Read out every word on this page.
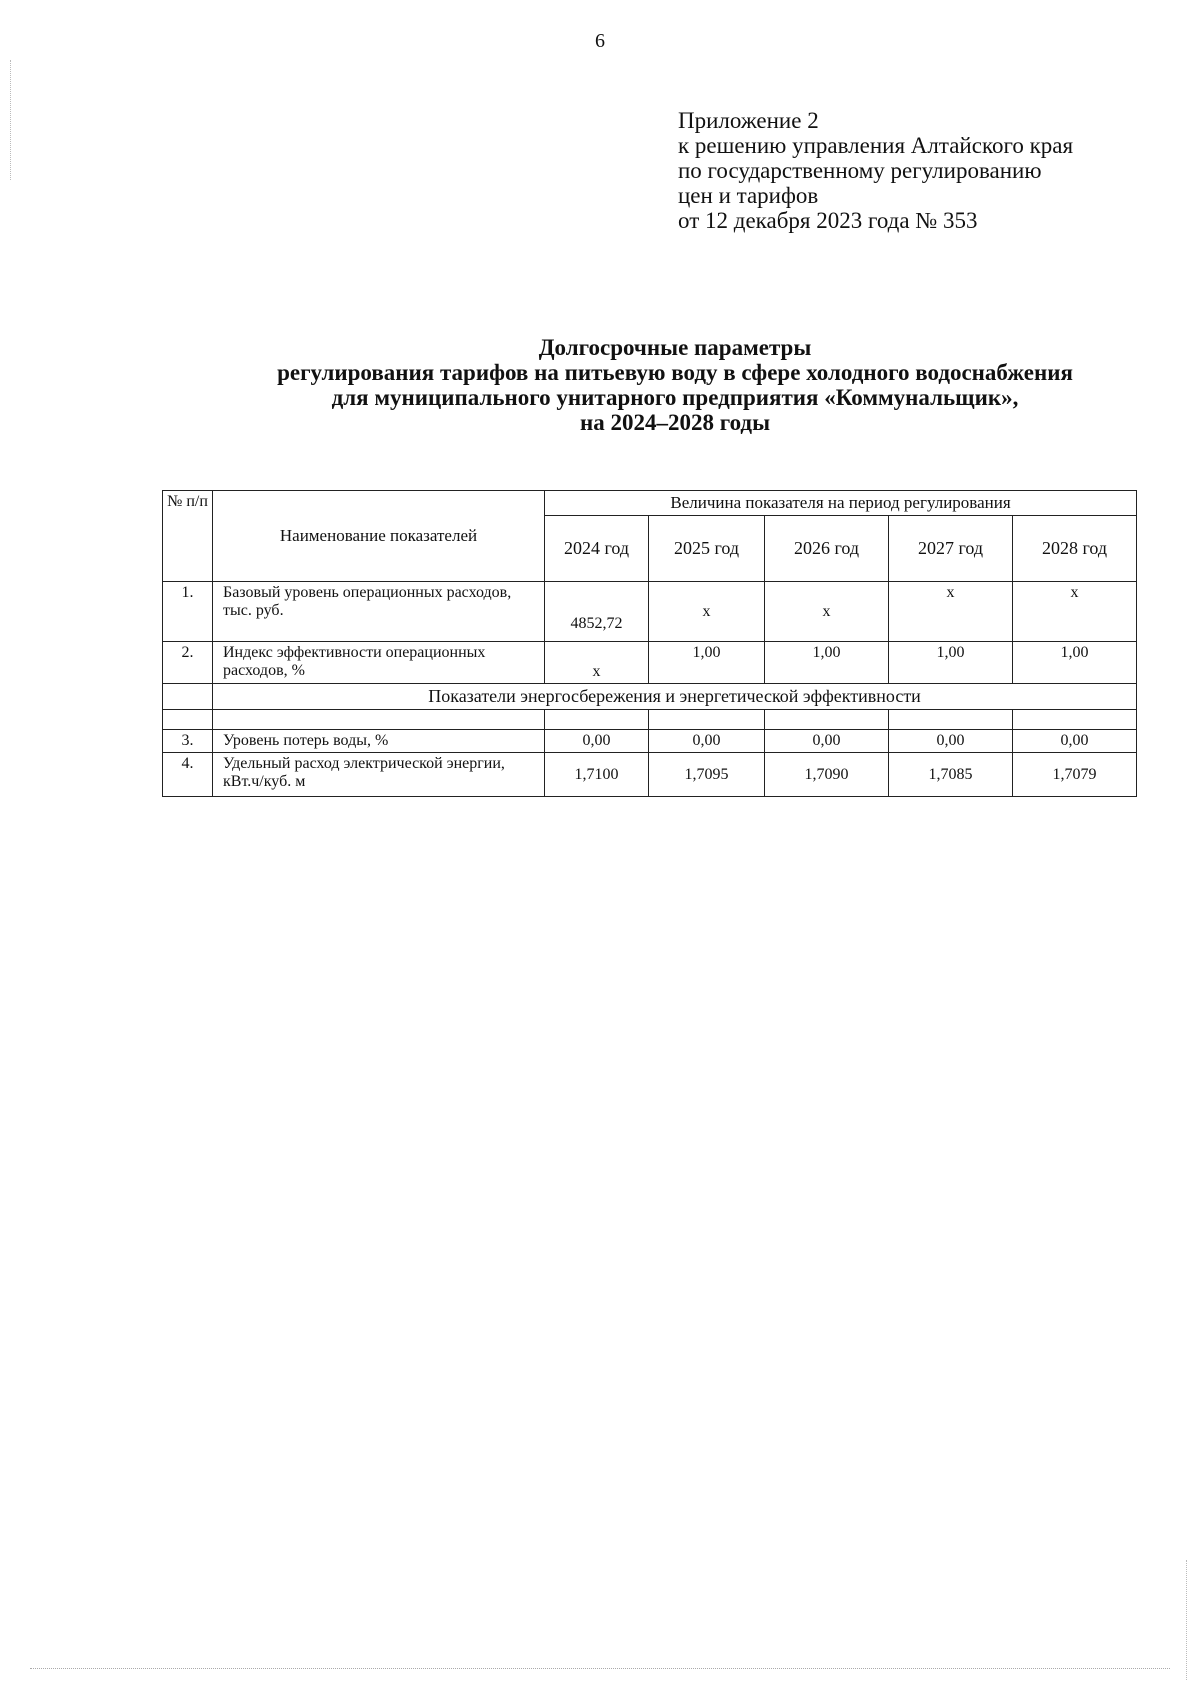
6
Приложение 2
к решению управления Алтайского края
по государственному регулированию
цен и тарифов
от 12 декабря 2023 года № 353
Долгосрочные параметры
регулирования тарифов на питьевую воду в сфере холодного водоснабжения
для муниципального унитарного предприятия «Коммунальщик»,
на 2024–2028 годы
№ п/п	Наименование показателей	Величина показателя на период регулирования				
		2024 год	2025 год	2026 год	2027 год	2028 год
1.	Базовый уровень операционных расходов, тыс. руб.	4852,72	х	х	х	х
2.	Индекс эффективности операционных расходов, %	х	1,00	1,00	1,00	1,00
	Показатели энергосбережения и энергетической эффективности					

3.	Уровень потерь воды, %	0,00	0,00	0,00	0,00	0,00
4.	Удельный расход электрической энергии, кВт.ч/куб. м	1,7100	1,7095	1,7090	1,7085	1,7079
